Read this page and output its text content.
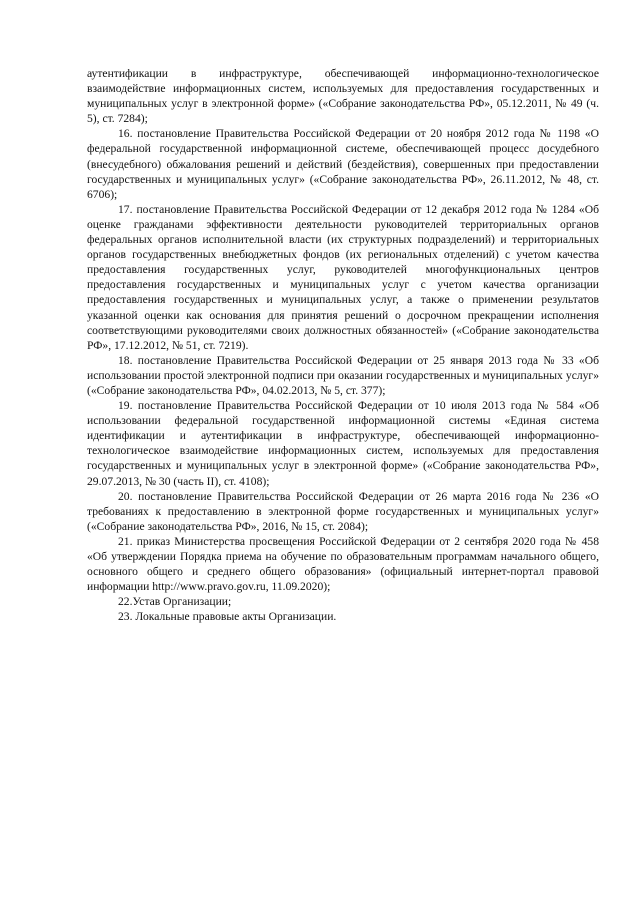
аутентификации в инфраструктуре, обеспечивающей информационно-технологическое взаимодействие информационных систем, используемых для предоставления государственных и муниципальных услуг в электронной форме» («Собрание законодательства РФ», 05.12.2011, № 49 (ч. 5), ст. 7284);

16. постановление Правительства Российской Федерации от 20 ноября 2012 года № 1198 «О федеральной государственной информационной системе, обеспечивающей процесс досудебного (внесудебного) обжалования решений и действий (бездействия), совершенных при предоставлении государственных и муниципальных услуг» («Собрание законодательства РФ», 26.11.2012, № 48, ст. 6706);

17. постановление Правительства Российской Федерации от 12 декабря 2012 года № 1284 «Об оценке гражданами эффективности деятельности руководителей территориальных органов федеральных органов исполнительной власти (их структурных подразделений) и территориальных органов государственных внебюджетных фондов (их региональных отделений) с учетом качества предоставления государственных услуг, руководителей многофункциональных центров предоставления государственных и муниципальных услуг с учетом качества организации предоставления государственных и муниципальных услуг, а также о применении результатов указанной оценки как основания для принятия решений о досрочном прекращении исполнения соответствующими руководителями своих должностных обязанностей» («Собрание законодательства РФ», 17.12.2012, № 51, ст. 7219).

18. постановление Правительства Российской Федерации от 25 января 2013 года № 33 «Об использовании простой электронной подписи при оказании государственных и муниципальных услуг» («Собрание законодательства РФ», 04.02.2013, № 5, ст. 377);

19. постановление Правительства Российской Федерации от 10 июля 2013 года № 584 «Об использовании федеральной государственной информационной системы «Единая система идентификации и аутентификации в инфраструктуре, обеспечивающей информационно-технологическое взаимодействие информационных систем, используемых для предоставления государственных и муниципальных услуг в электронной форме» («Собрание законодательства РФ», 29.07.2013, № 30 (часть II), ст. 4108);

20. постановление Правительства Российской Федерации от 26 марта 2016 года № 236 «О требованиях к предоставлению в электронной форме государственных и муниципальных услуг» («Собрание законодательства РФ», 2016, № 15, ст. 2084);

21. приказ Министерства просвещения Российской Федерации от 2 сентября 2020 года № 458 «Об утверждении Порядка приема на обучение по образовательным программам начального общего, основного общего и среднего общего образования» (официальный интернет-портал правовой информации http://www.pravo.gov.ru, 11.09.2020);

22.Устав Организации;

23. Локальные правовые акты Организации.
